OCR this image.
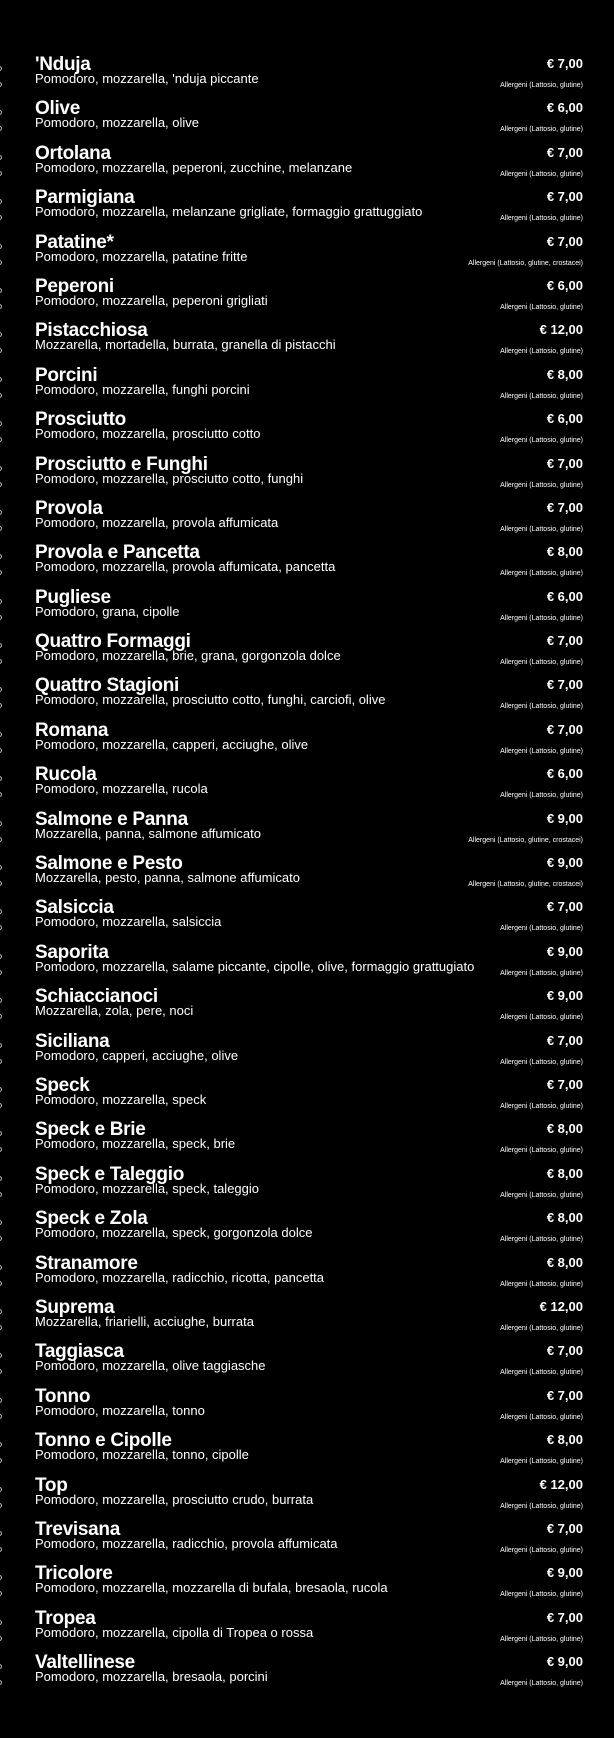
'Nduja
Pomodoro, mozzarella, 'nduja piccante
€ 7,00
Allergeni (Lattosio, glutine)
Olive
Pomodoro, mozzarella, olive
€ 6,00
Allergeni (Lattosio, glutine)
Ortolana
Pomodoro, mozzarella, peperoni, zucchine, melanzane
€ 7,00
Allergeni (Lattosio, glutine)
Parmigiana
Pomodoro, mozzarella, melanzane grigliate, formaggio grattuggiato
€ 7,00
Allergeni (Lattosio, glutine)
Patatine*
Pomodoro, mozzarella, patatine fritte
€ 7,00
Allergeni (Lattosio, glutine, crostacei)
Peperoni
Pomodoro, mozzarella, peperoni grigliati
€ 6,00
Allergeni (Lattosio, glutine)
Pistacchiosa
Mozzarella, mortadella, burrata, granella di pistacchi
€ 12,00
Allergeni (Lattosio, glutine)
Porcini
Pomodoro, mozzarella, funghi porcini
€ 8,00
Allergeni (Lattosio, glutine)
Prosciutto
Pomodoro, mozzarella, prosciutto cotto
€ 6,00
Allergeni (Lattosio, glutine)
Prosciutto e Funghi
Pomodoro, mozzarella, prosciutto cotto, funghi
€ 7,00
Allergeni (Lattosio, glutine)
Provola
Pomodoro, mozzarella, provola affumicata
€ 7,00
Allergeni (Lattosio, glutine)
Provola e Pancetta
Pomodoro, mozzarella, provola affumicata, pancetta
€ 8,00
Allergeni (Lattosio, glutine)
Pugliese
Pomodoro, grana, cipolle
€ 6,00
Allergeni (Lattosio, glutine)
Quattro Formaggi
Pomodoro, mozzarella, brie, grana, gorgonzola dolce
€ 7,00
Allergeni (Lattosio, glutine)
Quattro Stagioni
Pomodoro, mozzarella, prosciutto cotto, funghi, carciofi, olive
€ 7,00
Allergeni (Lattosio, glutine)
Romana
Pomodoro, mozzarella, capperi, acciughe, olive
€ 7,00
Allergeni (Lattosio, glutine)
Rucola
Pomodoro, mozzarella, rucola
€ 6,00
Allergeni (Lattosio, glutine)
Salmone e Panna
Mozzarella, panna, salmone affumicato
€ 9,00
Allergeni (Lattosio, glutine, crostacei)
Salmone e Pesto
Mozzarella, pesto, panna, salmone affumicato
€ 9,00
Allergeni (Lattosio, glutine, crostacei)
Salsiccia
Pomodoro, mozzarella, salsiccia
€ 7,00
Allergeni (Lattosio, glutine)
Saporita
Pomodoro, mozzarella, salame piccante, cipolle, olive, formaggio grattugiato
€ 9,00
Allergeni (Lattosio, glutine)
Schiaccianoci
Mozzarella, zola, pere, noci
€ 9,00
Allergeni (Lattosio, glutine)
Siciliana
Pomodoro, capperi, acciughe, olive
€ 7,00
Allergeni (Lattosio, glutine)
Speck
Pomodoro, mozzarella, speck
€ 7,00
Allergeni (Lattosio, glutine)
Speck e Brie
Pomodoro, mozzarella, speck, brie
€ 8,00
Allergeni (Lattosio, glutine)
Speck e Taleggio
Pomodoro, mozzarella, speck, taleggio
€ 8,00
Allergeni (Lattosio, glutine)
Speck e Zola
Pomodoro, mozzarella, speck, gorgonzola dolce
€ 8,00
Allergeni (Lattosio, glutine)
Stranamore
Pomodoro, mozzarella, radicchio, ricotta, pancetta
€ 8,00
Allergeni (Lattosio, glutine)
Suprema
Mozzarella, friarielli, acciughe, burrata
€ 12,00
Allergeni (Lattosio, glutine)
Taggiasca
Pomodoro, mozzarella, olive taggiasche
€ 7,00
Allergeni (Lattosio, glutine)
Tonno
Pomodoro, mozzarella, tonno
€ 7,00
Allergeni (Lattosio, glutine)
Tonno e Cipolle
Pomodoro, mozzarella, tonno, cipolle
€ 8,00
Allergeni (Lattosio, glutine)
Top
Pomodoro, mozzarella, prosciutto crudo, burrata
€ 12,00
Allergeni (Lattosio, glutine)
Trevisana
Pomodoro, mozzarella, radicchio, provola affumicata
€ 7,00
Allergeni (Lattosio, glutine)
Tricolore
Pomodoro, mozzarella, mozzarella di bufala, bresaola, rucola
€ 9,00
Allergeni (Lattosio, glutine)
Tropea
Pomodoro, mozzarella, cipolla di Tropea o rossa
€ 7,00
Allergeni (Lattosio, glutine)
Valtellinese
Pomodoro, mozzarella, bresaola, porcini
€ 9,00
Allergeni (Lattosio, glutine)
